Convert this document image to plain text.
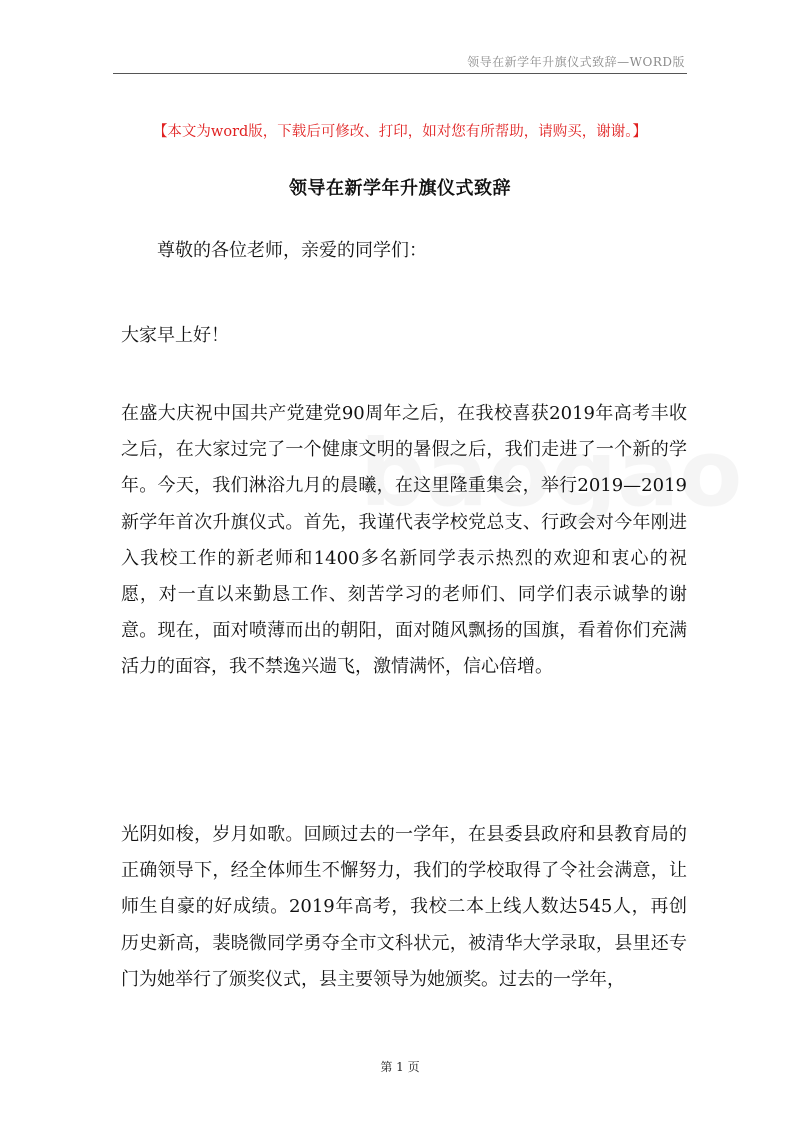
领导在新学年升旗仪式致辞—WORD版
【本文为word版，下载后可修改、打印，如对您有所帮助，请购买，谢谢。】
领导在新学年升旗仪式致辞

尊敬的各位老师，亲爱的同学们：

大家早上好！

在盛大庆祝中国共产党建党90周年之后，在我校喜获2019年高考丰收之后，在大家过完了一个健康文明的暑假之后，我们走进了一个新的学年。今天，我们淋浴九月的晨曦，在这里隆重集会，举行2019—2019新学年首次升旗仪式。首先，我谨代表学校党总支、行政会对今年刚进入我校工作的新老师和1400多名新同学表示热烈的欢迎和衷心的祝愿，对一直以来勤恳工作、刻苦学习的老师们、同学们表示诚挚的谢意。现在，面对喷薄而出的朝阳，面对随风飘扬的国旗，看着你们充满活力的面容，我不禁逸兴遄飞，激情满怀，信心倍增。

光阴如梭，岁月如歌。回顾过去的一学年，在县委县政府和县教育局的正确领导下，经全体师生不懈努力，我们的学校取得了令社会满意，让师生自豪的好成绩。2019年高考，我校二本上线人数达545人，再创历史新高，裴晓微同学勇夺全市文科状元，被清华大学录取，县里还专门为她举行了颁奖仪式，县主要领导为她颁奖。过去的一学年，

第 1 页
